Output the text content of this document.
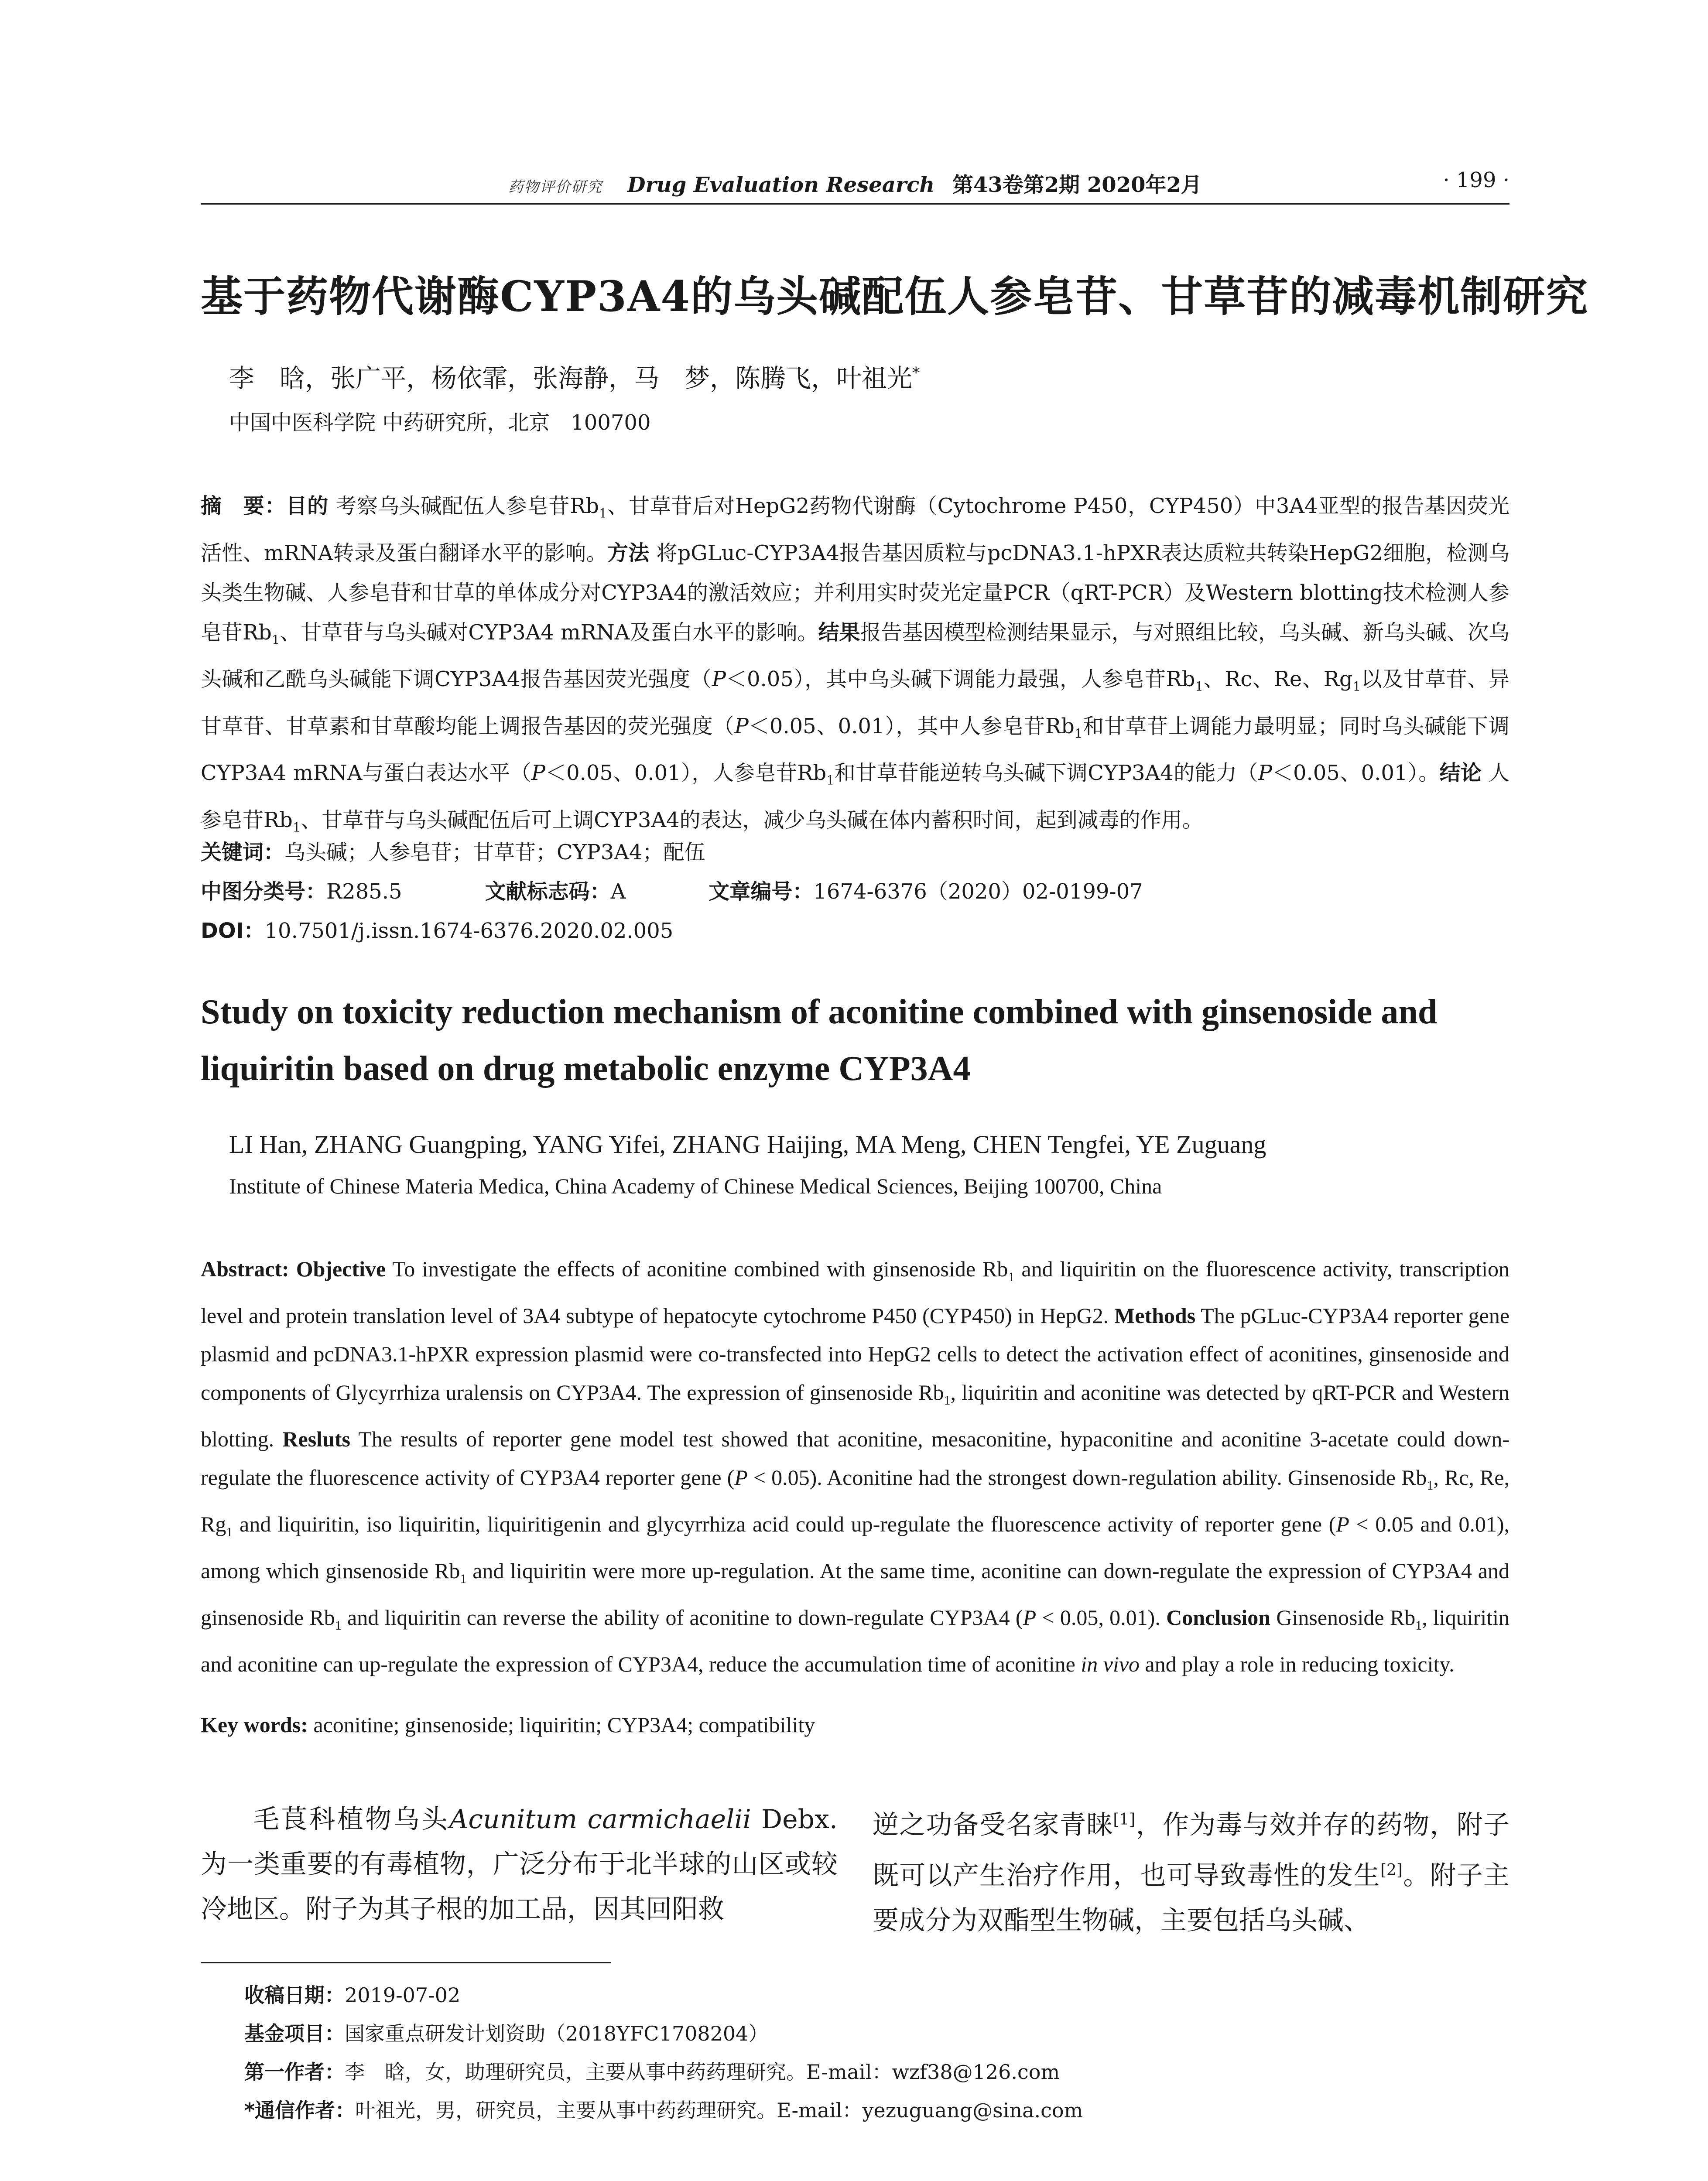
药物评价研究 Drug Evaluation Research 第43卷第2期 2020年2月	· 199 ·
基于药物代谢酶CYP3A4的乌头碱配伍人参皂苷、甘草苷的减毒机制研究
李　晗，张广平，杨依霏，张海静，马　梦，陈腾飞，叶祖光*
中国中医科学院 中药研究所，北京　100700
摘　要：目的 考察乌头碱配伍人参皂苷$Rb_1$、甘草苷后对HepG2药物代谢酶（Cytochrome P450，CYP450）中3A4亚型的报告基因荧光活性、mRNA转录及蛋白翻译水平的影响。方法 将pGLuc-CYP3A4报告基因质粒与pcDNA3.1-hPXR表达质粒共转染HepG2细胞，检测乌头类生物碱、人参皂苷和甘草的单体成分对CYP3A4的激活效应；并利用实时荧光定量PCR（qRT-PCR）及Western blotting技术检测人参皂苷$Rb_1$、甘草苷与乌头碱对CYP3A4 mRNA及蛋白水平的影响。结果报告基因模型检测结果显示，与对照组比较，乌头碱、新乌头碱、次乌头碱和乙酰乌头碱能下调CYP3A4报告基因荧光强度（P＜0.05），其中乌头碱下调能力最强，人参皂苷$Rb_1$、Rc、Re、$Rg_1$以及甘草苷、异甘草苷、甘草素和甘草酸均能上调报告基因的荧光强度（P＜0.05、0.01），其中人参皂苷$Rb_1$和甘草苷上调能力最明显；同时乌头碱能下调CYP3A4 mRNA与蛋白表达水平（P＜0.05、0.01），人参皂苷$Rb_1$和甘草苷能逆转乌头碱下调CYP3A4的能力（P＜0.05、0.01）。结论 人参皂苷$Rb_1$、甘草苷与乌头碱配伍后可上调CYP3A4的表达，减少乌头碱在体内蓄积时间，起到减毒的作用。
关键词：乌头碱；人参皂苷；甘草苷；CYP3A4；配伍
中图分类号：R285.5	文献标志码：A	文章编号：1674-6376（2020）02-0199-07
DOI：10.7501/j.issn.1674-6376.2020.02.005
Study on toxicity reduction mechanism of aconitine combined with ginsenoside and liquiritin based on drug metabolic enzyme CYP3A4
LI Han, ZHANG Guangping, YANG Yifei, ZHANG Haijing, MA Meng, CHEN Tengfei, YE Zuguang
Institute of Chinese Materia Medica, China Academy of Chinese Medical Sciences, Beijing 100700, China
Abstract: Objective To investigate the effects of aconitine combined with ginsenoside $Rb_1$ and liquiritin on the fluorescence activity, transcription level and protein translation level of 3A4 subtype of hepatocyte cytochrome P450 (CYP450) in HepG2. Methods The pGLuc-CYP3A4 reporter gene plasmid and pcDNA3.1-hPXR expression plasmid were co-transfected into HepG2 cells to detect the activation effect of aconitines, ginsenoside and components of Glycyrrhiza uralensis on CYP3A4. The expression of ginsenoside $Rb_1$, liquiritin and aconitine was detected by qRT-PCR and Western blotting. Resluts The results of reporter gene model test showed that aconitine, mesaconitine, hypaconitine and aconitine 3-acetate could down-regulate the fluorescence activity of CYP3A4 reporter gene (P < 0.05). Aconitine had the strongest down-regulation ability. Ginsenoside $Rb_1$, Rc, Re, $Rg_1$ and liquiritin, iso liquiritin, liquiritigenin and glycyrrhiza acid could up-regulate the fluorescence activity of reporter gene (P < 0.05 and 0.01), among which ginsenoside $Rb_1$ and liquiritin were more up-regulation. At the same time, aconitine can down-regulate the expression of CYP3A4 and ginsenoside $Rb_1$ and liquiritin can reverse the ability of aconitine to down-regulate CYP3A4 (P < 0.05, 0.01). Conclusion Ginsenoside $Rb_1$, liquiritin and aconitine can up-regulate the expression of CYP3A4, reduce the accumulation time of aconitine in vivo and play a role in reducing toxicity.
Key words: aconitine; ginsenoside; liquiritin; CYP3A4; compatibility
毛茛科植物乌头Acunitum carmichaelii Debx.为一类重要的有毒植物，广泛分布于北半球的山区或较冷地区。附子为其子根的加工品，因其回阳救
逆之功备受名家青睐[1]，作为毒与效并存的药物，附子既可以产生治疗作用，也可导致毒性的发生[2]。附子主要成分为双酯型生物碱，主要包括乌头碱、
收稿日期：2019-07-02
基金项目：国家重点研发计划资助（2018YFC1708204）
第一作者：李　晗，女，助理研究员，主要从事中药药理研究。E-mail：wzf38@126.com
*通信作者：叶祖光，男，研究员，主要从事中药药理研究。E-mail：yezuguang@sina.com
